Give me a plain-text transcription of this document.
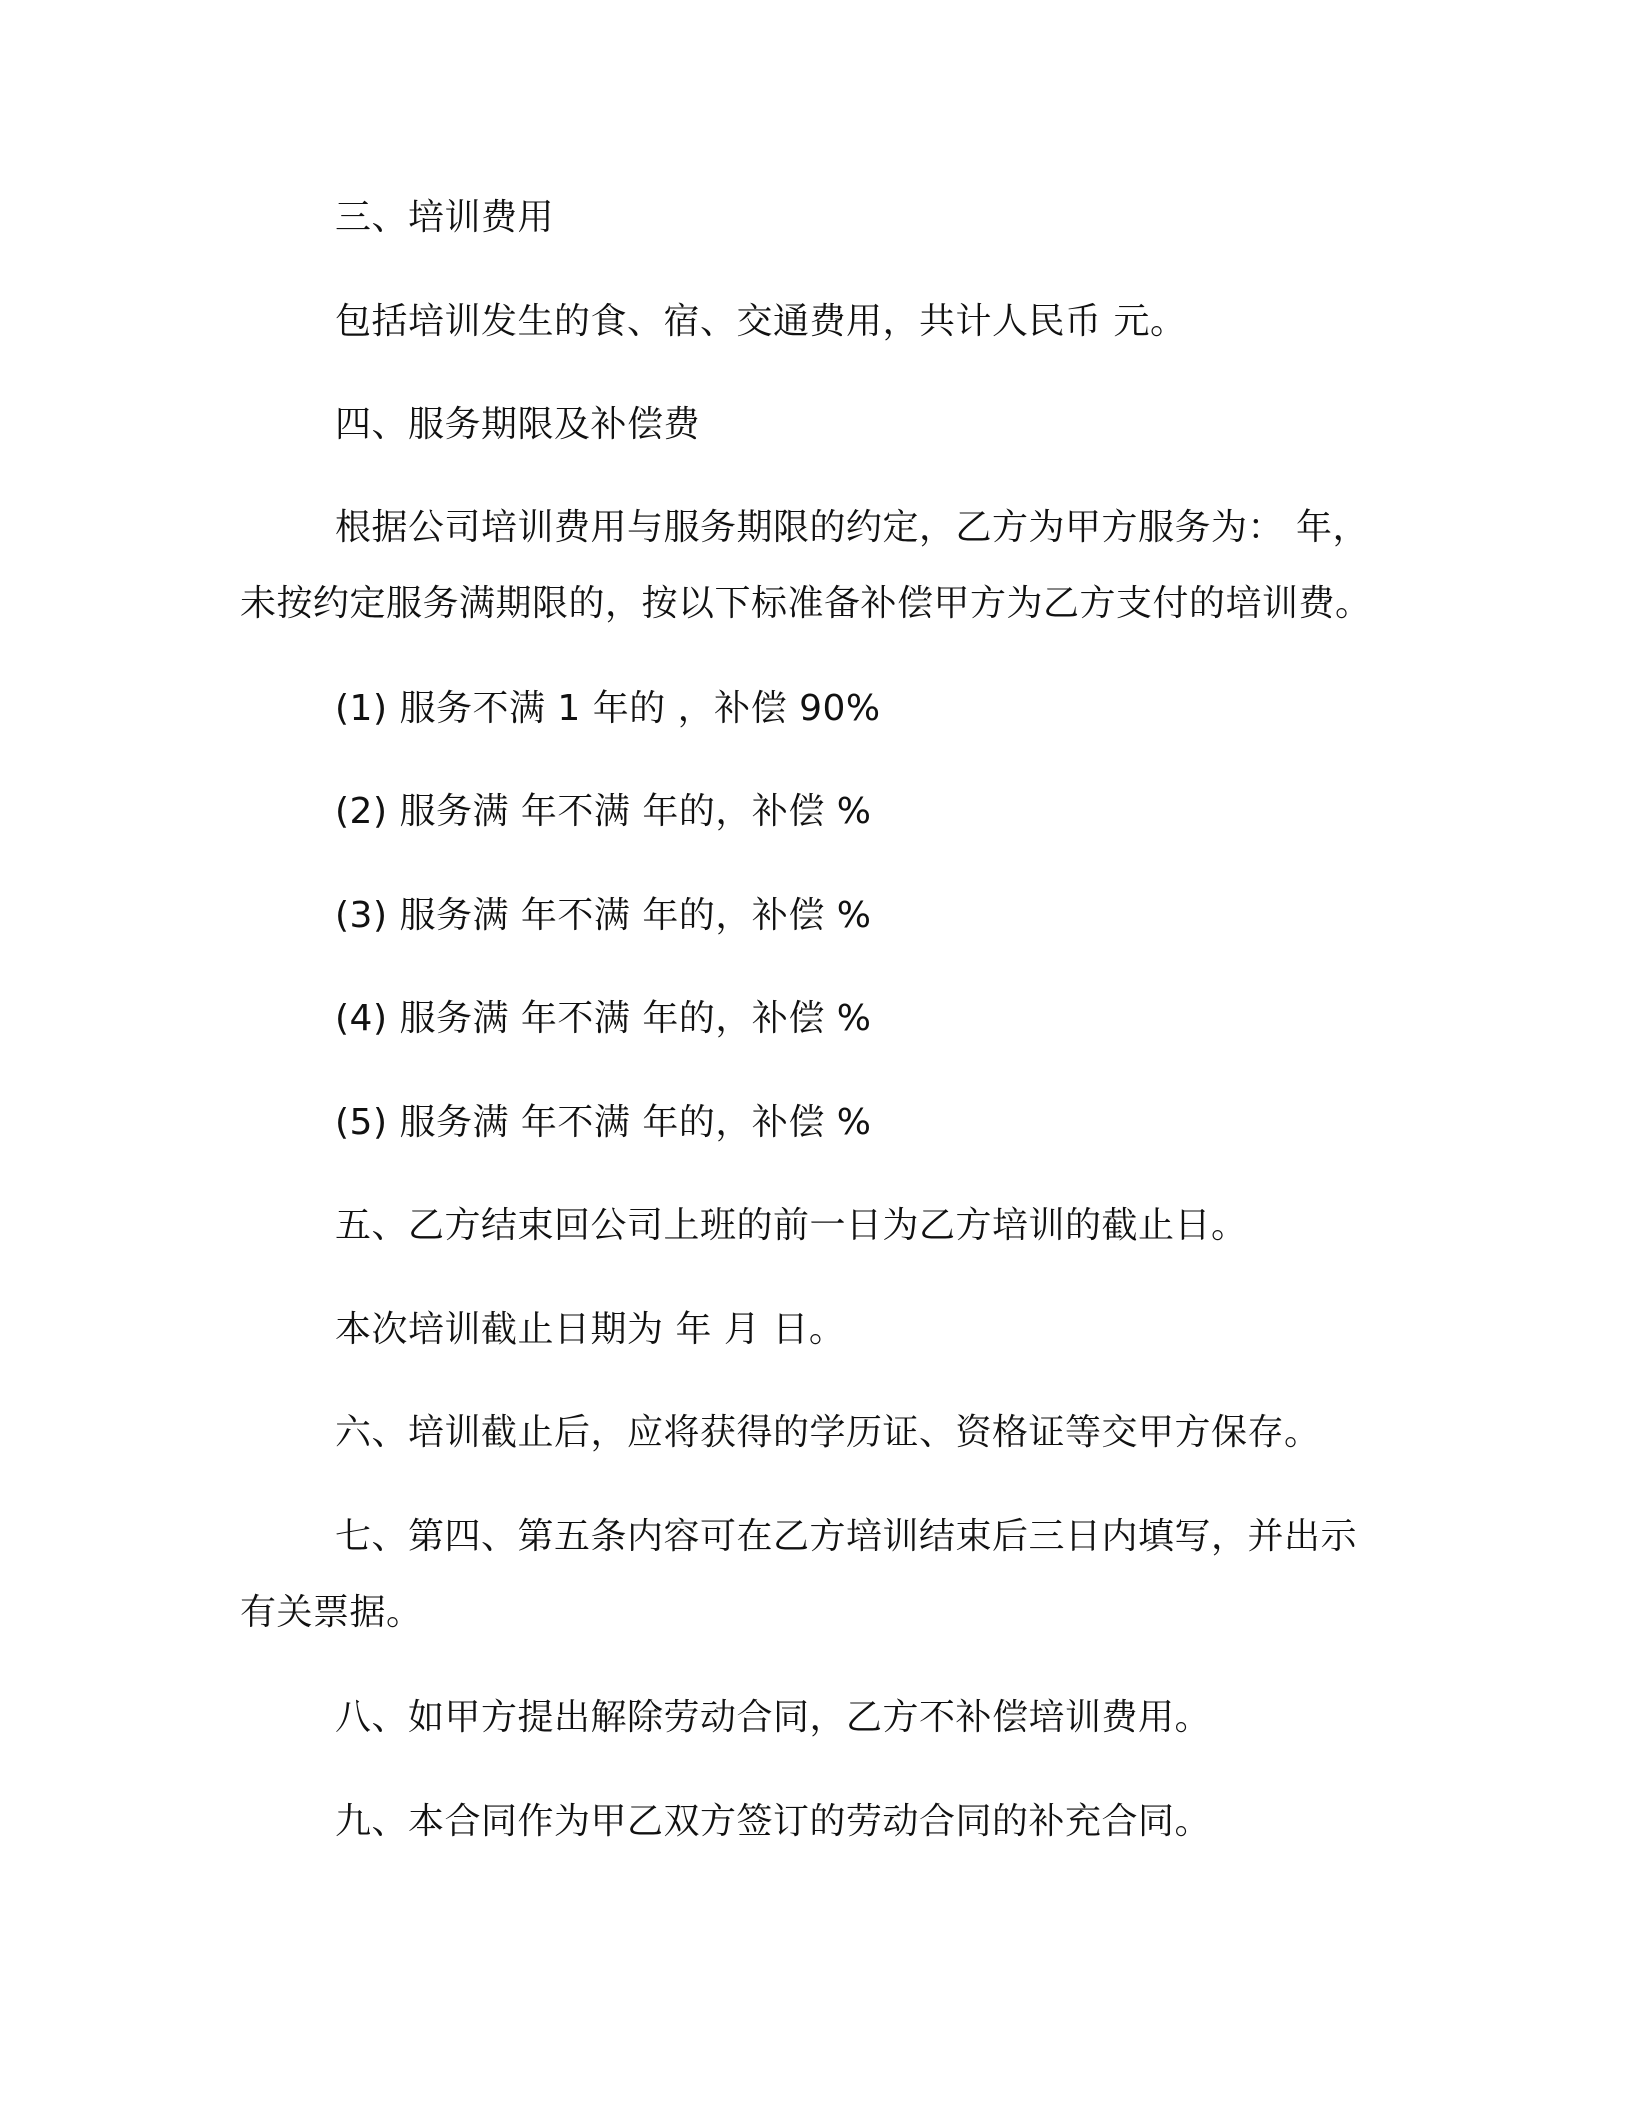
三、培训费用
包括培训发生的食、宿、交通费用，共计人民币 元。
四、服务期限及补偿费
根据公司培训费用与服务期限的约定，乙方为甲方服务为： 年，
未按约定服务满期限的，按以下标准备补偿甲方为乙方支付的培训费。
(1) 服务不满 1 年的 ，补偿 90%
(2) 服务满 年不满 年的，补偿 %
(3) 服务满 年不满 年的，补偿 %
(4) 服务满 年不满 年的，补偿 %
(5) 服务满 年不满 年的，补偿 %
五、乙方结束回公司上班的前一日为乙方培训的截止日。
本次培训截止日期为 年 月 日。
六、培训截止后，应将获得的学历证、资格证等交甲方保存。
七、第四、第五条内容可在乙方培训结束后三日内填写，并出示
有关票据。
八、如甲方提出解除劳动合同，乙方不补偿培训费用。
九、本合同作为甲乙双方签订的劳动合同的补充合同。
